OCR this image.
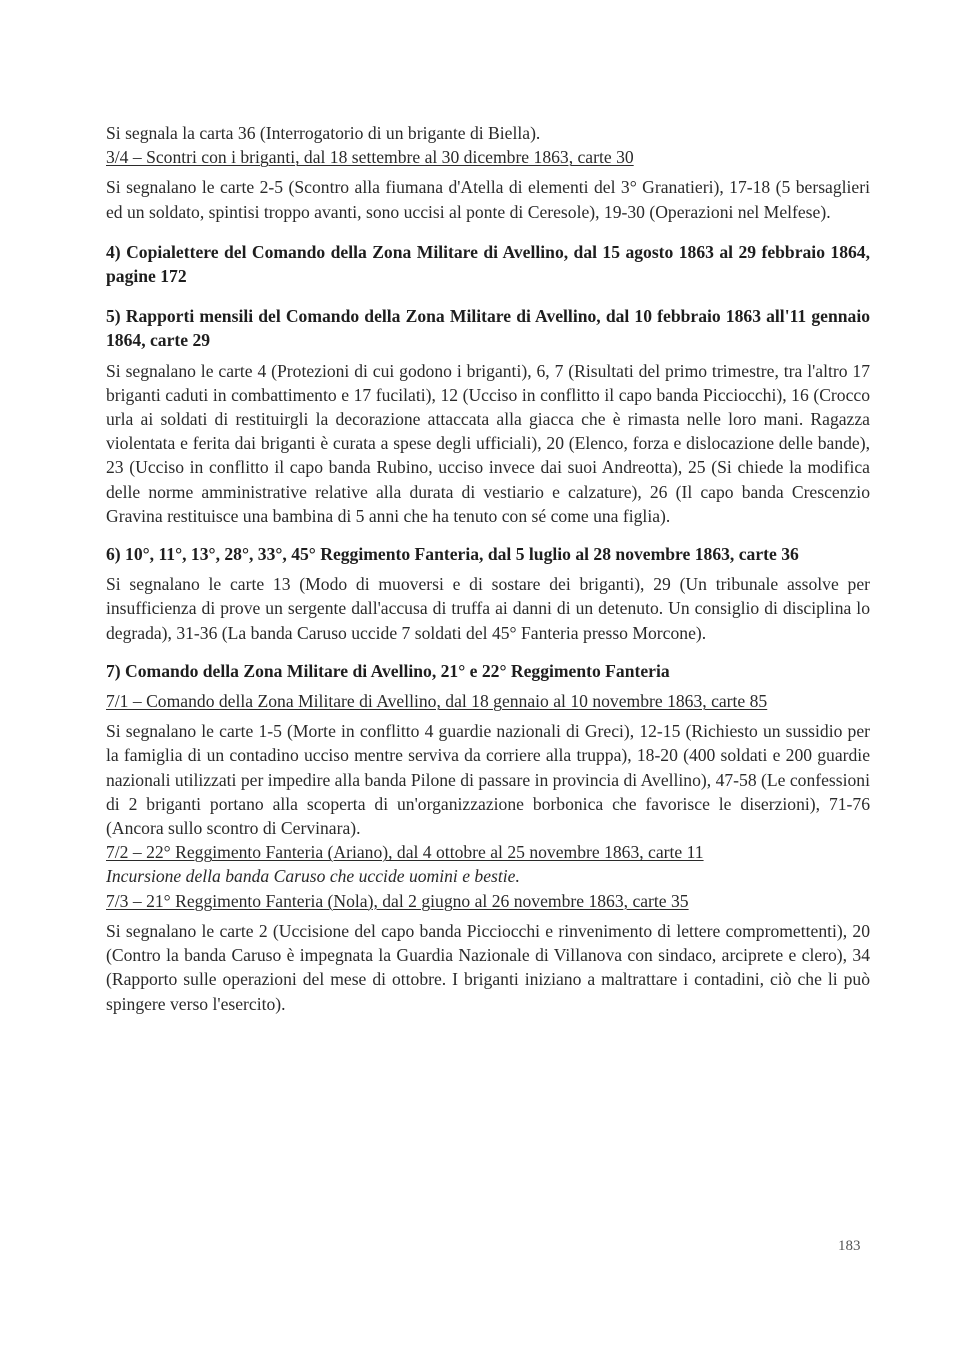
Si segnala la carta 36 (Interrogatorio di un brigante di Biella).

3/4 – Scontri con i briganti, dal 18 settembre al 30 dicembre 1863, carte 30

Si segnalano le carte 2-5 (Scontro alla fiumana d'Atella di elementi del 3° Granatieri), 17-18 (5 bersaglieri ed un soldato, spintisi troppo avanti, sono uccisi al ponte di Ceresole), 19-30 (Operazioni nel Melfese).

4) Copialettere del Comando della Zona Militare di Avellino, dal 15 agosto 1863 al 29 febbraio 1864, pagine 172

5) Rapporti mensili del Comando della Zona Militare di Avellino, dal 10 febbraio 1863 all'11 gennaio 1864, carte 29

Si segnalano le carte 4 (Protezioni di cui godono i briganti), 6, 7 (Risultati del primo trimestre, tra l'altro 17 briganti caduti in combattimento e 17 fucilati), 12 (Ucciso in conflitto il capo banda Picciocchi), 16 (Crocco urla ai soldati di restituirgli la decorazione attaccata alla giacca che è rimasta nelle loro mani. Ragazza violentata e ferita dai briganti è curata a spese degli ufficiali), 20 (Elenco, forza e dislocazione delle bande), 23 (Ucciso in conflitto il capo banda Rubino, ucciso invece dai suoi Andreotta), 25 (Si chiede la modifica delle norme amministrative relative alla durata di vestiario e calzature), 26 (Il capo banda Crescenzio Gravina restituisce una bambina di 5 anni che ha tenuto con sé come una figlia).

6) 10°, 11°, 13°, 28°, 33°, 45° Reggimento Fanteria, dal 5 luglio al 28 novembre 1863, carte 36

Si segnalano le carte 13 (Modo di muoversi e di sostare dei briganti), 29 (Un tribunale assolve per insufficienza di prove un sergente dall'accusa di truffa ai danni di un detenuto. Un consiglio di disciplina lo degrada), 31-36 (La banda Caruso uccide 7 soldati del 45° Fanteria presso Morcone).

7) Comando della Zona Militare di Avellino, 21° e 22° Reggimento Fanteria

7/1 – Comando della Zona Militare di Avellino, dal 18 gennaio al 10 novembre 1863, carte 85

Si segnalano le carte 1-5 (Morte in conflitto 4 guardie nazionali di Greci), 12-15 (Richiesto un sussidio per la famiglia di un contadino ucciso mentre serviva da corriere alla truppa), 18-20 (400 soldati e 200 guardie nazionali utilizzati per impedire alla banda Pilone di passare in provincia di Avellino), 47-58 (Le confessioni di 2 briganti portano alla scoperta di un'organizzazione borbonica che favorisce le diserzioni), 71-76 (Ancora sullo scontro di Cervinara).

7/2 – 22° Reggimento Fanteria (Ariano), dal 4 ottobre al 25 novembre 1863, carte 11

Incursione della banda Caruso che uccide uomini e bestie.

7/3 – 21° Reggimento Fanteria (Nola), dal 2 giugno al 26 novembre 1863, carte 35

Si segnalano le carte 2 (Uccisione del capo banda Picciocchi e rinvenimento di lettere compromettenti), 20 (Contro la banda Caruso è impegnata la Guardia Nazionale di Villanova con sindaco, arciprete e clero), 34 (Rapporto sulle operazioni del mese di ottobre. I briganti iniziano a maltrattare i contadini, ciò che li può spingere verso l'esercito).

183
